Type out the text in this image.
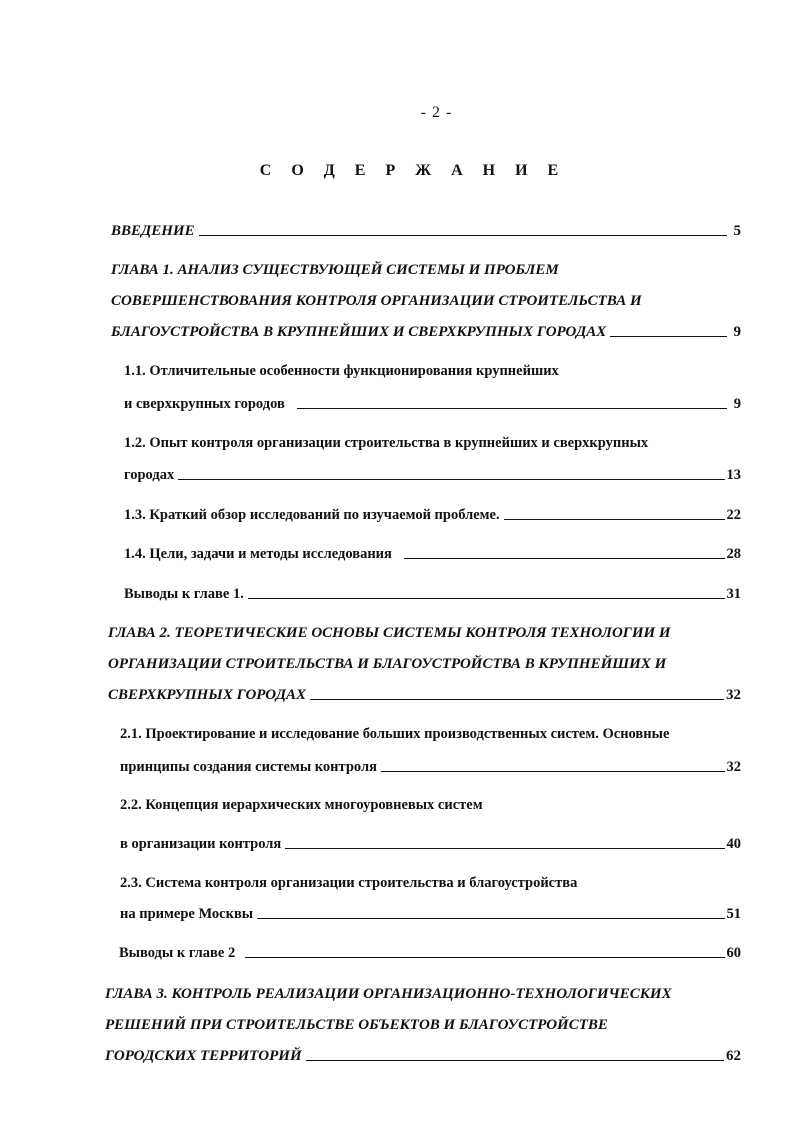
- 2 -
С О Д Е Р Ж А Н И Е
ВВЕДЕНИЕ	5
ГЛАВА 1. АНАЛИЗ СУЩЕСТВУЮЩЕЙ СИСТЕМЫ И ПРОБЛЕМ
СОВЕРШЕНСТВОВАНИЯ КОНТРОЛЯ ОРГАНИЗАЦИИ СТРОИТЕЛЬСТВА И
БЛАГОУСТРОЙСТВА В КРУПНЕЙШИХ И СВЕРХКРУПНЫХ ГОРОДАХ	9
1.1. Отличительные особенности функционирования крупнейших
и сверхкрупных городов	9
1.2. Опыт контроля организации строительства в крупнейших и сверхкрупных
городах	13
1.3. Краткий обзор исследований по изучаемой проблеме.	22
1.4. Цели, задачи и методы исследования	28
Выводы к главе 1.	31
ГЛАВА 2. ТЕОРЕТИЧЕСКИЕ ОСНОВЫ СИСТЕМЫ КОНТРОЛЯ ТЕХНОЛОГИИ И
ОРГАНИЗАЦИИ СТРОИТЕЛЬСТВА И БЛАГОУСТРОЙСТВА В КРУПНЕЙШИХ И
СВЕРХКРУПНЫХ ГОРОДАХ	32
2.1. Проектирование и исследование больших производственных систем. Основные
принципы создания системы контроля	32
2.2. Концепция иерархических многоуровневых систем
в организации контроля	40
2.3. Система контроля организации строительства и благоустройства
на примере Москвы	51
Выводы к главе 2	60
ГЛАВА 3. КОНТРОЛЬ РЕАЛИЗАЦИИ ОРГАНИЗАЦИОННО-ТЕХНОЛОГИЧЕСКИХ
РЕШЕНИЙ ПРИ СТРОИТЕЛЬСТВЕ ОБЪЕКТОВ И БЛАГОУСТРОЙСТВЕ
ГОРОДСКИХ ТЕРРИТОРИЙ	62
